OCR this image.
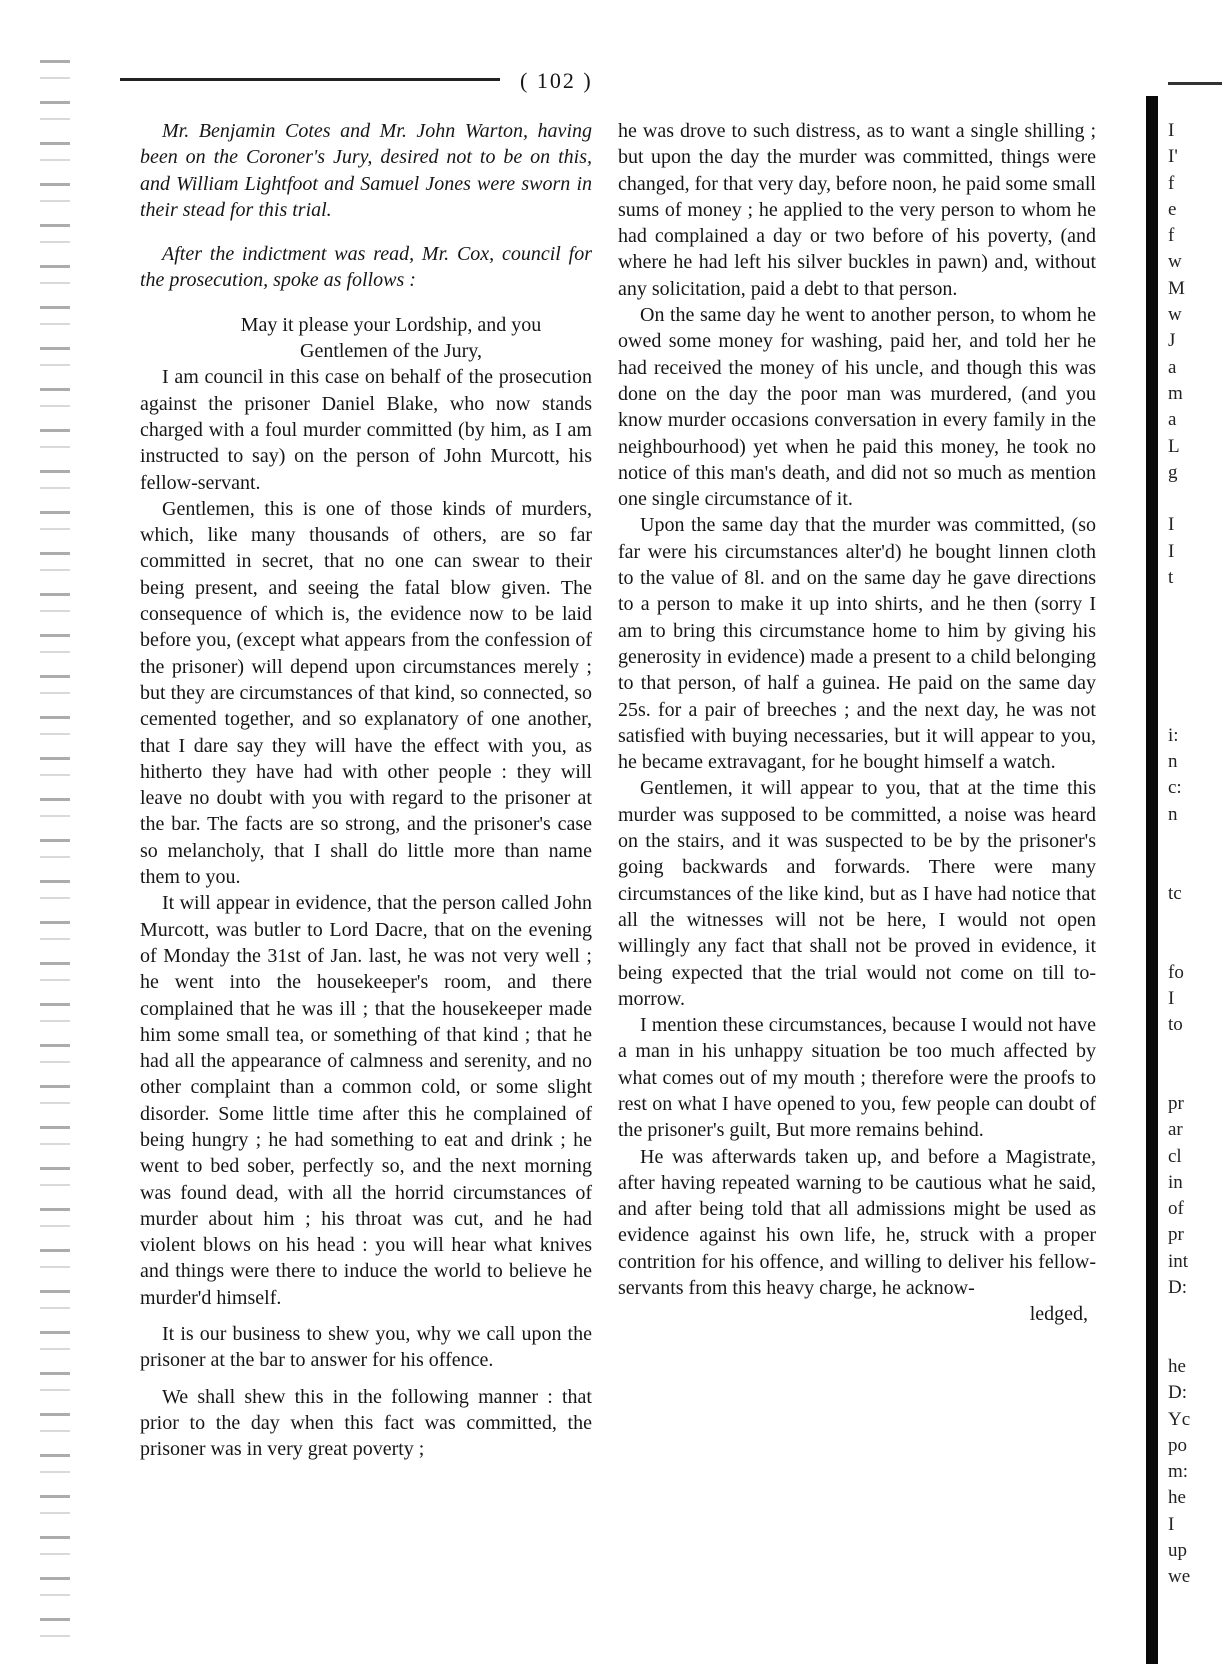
( 102 )

Mr. Benjamin Cotes and Mr. John Warton, having been on the Coroner's Jury, desired not to be on this, and William Lightfoot and Samuel Jones were sworn in their stead for this trial.

After the indictment was read, Mr. Cox, council for the prosecution, spoke as follows :

May it please your Lordship, and you

Gentlemen of the Jury,

I am council in this case on behalf of the prosecution against the prisoner Daniel Blake, who now stands charged with a foul murder committed (by him, as I am instructed to say) on the person of John Murcott, his fellow-servant.

Gentlemen, this is one of those kinds of murders, which, like many thousands of others, are so far committed in secret, that no one can swear to their being present, and seeing the fatal blow given. The consequence of which is, the evidence now to be laid before you, (except what appears from the confession of the prisoner) will depend upon circumstances merely ; but they are circumstances of that kind, so connected, so cemented together, and so explanatory of one another, that I dare say they will have the effect with you, as hitherto they have had with other people : they will leave no doubt with you with regard to the prisoner at the bar. The facts are so strong, and the prisoner's case so melancholy, that I shall do little more than name them to you.

It will appear in evidence, that the person called John Murcott, was butler to Lord Dacre, that on the evening of Monday the 31st of Jan. last, he was not very well ; he went into the housekeeper's room, and there complained that he was ill ; that the housekeeper made him some small tea, or something of that kind ; that he had all the appearance of calmness and serenity, and no other complaint than a common cold, or some slight disorder. Some little time after this he complained of being hungry ; he had something to eat and drink ; he went to bed sober, perfectly so, and the next morning was found dead, with all the horrid circumstances of murder about him ; his throat was cut, and he had violent blows on his head : you will hear what knives and things were there to induce the world to believe he murder'd himself.

It is our business to shew you, why we call upon the prisoner at the bar to answer for his offence.

We shall shew this in the following manner : that prior to the day when this fact was committed, the prisoner was in very great poverty ;

he was drove to such distress, as to want a single shilling ; but upon the day the murder was committed, things were changed, for that very day, before noon, he paid some small sums of money ; he applied to the very person to whom he had complained a day or two before of his poverty, (and where he had left his silver buckles in pawn) and, without any solicitation, paid a debt to that person.

On the same day he went to another person, to whom he owed some money for washing, paid her, and told her he had received the money of his uncle, and though this was done on the day the poor man was murdered, (and you know murder occasions conversation in every family in the neighbourhood) yet when he paid this money, he took no notice of this man's death, and did not so much as mention one single circumstance of it.

Upon the same day that the murder was committed, (so far were his circumstances alter'd) he bought linnen cloth to the value of 8l. and on the same day he gave directions to a person to make it up into shirts, and he then (sorry I am to bring this circumstance home to him by giving his generosity in evidence) made a present to a child belonging to that person, of half a guinea. He paid on the same day 25s. for a pair of breeches ; and the next day, he was not satisfied with buying necessaries, but it will appear to you, he became extravagant, for he bought himself a watch.

Gentlemen, it will appear to you, that at the time this murder was supposed to be committed, a noise was heard on the stairs, and it was suspected to be by the prisoner's going backwards and forwards. There were many circumstances of the like kind, but as I have had notice that all the witnesses will not be here, I would not open willingly any fact that shall not be proved in evidence, it being expected that the trial would not come on till to-morrow.

I mention these circumstances, because I would not have a man in his unhappy situation be too much affected by what comes out of my mouth ; therefore were the proofs to rest on what I have opened to you, few people can doubt of the prisoner's guilt, But more remains behind.

He was afterwards taken up, and before a Magistrate, after having repeated warning to be cautious what he said, and after being told that all admissions might be used as evidence against his own life, he, struck with a proper contrition for his offence, and willing to deliver his fellow-servants from this heavy charge, he acknow-

ledged,

I
I'
f
e
f
w
M
w
J
a
m
a
L
g
I
I
t
i:
n
c:
n
tc
fo
I
to
pr
ar
cl
in
of
pr
int
D:
he
D:
Yc
po
m:
he
I
up
we
